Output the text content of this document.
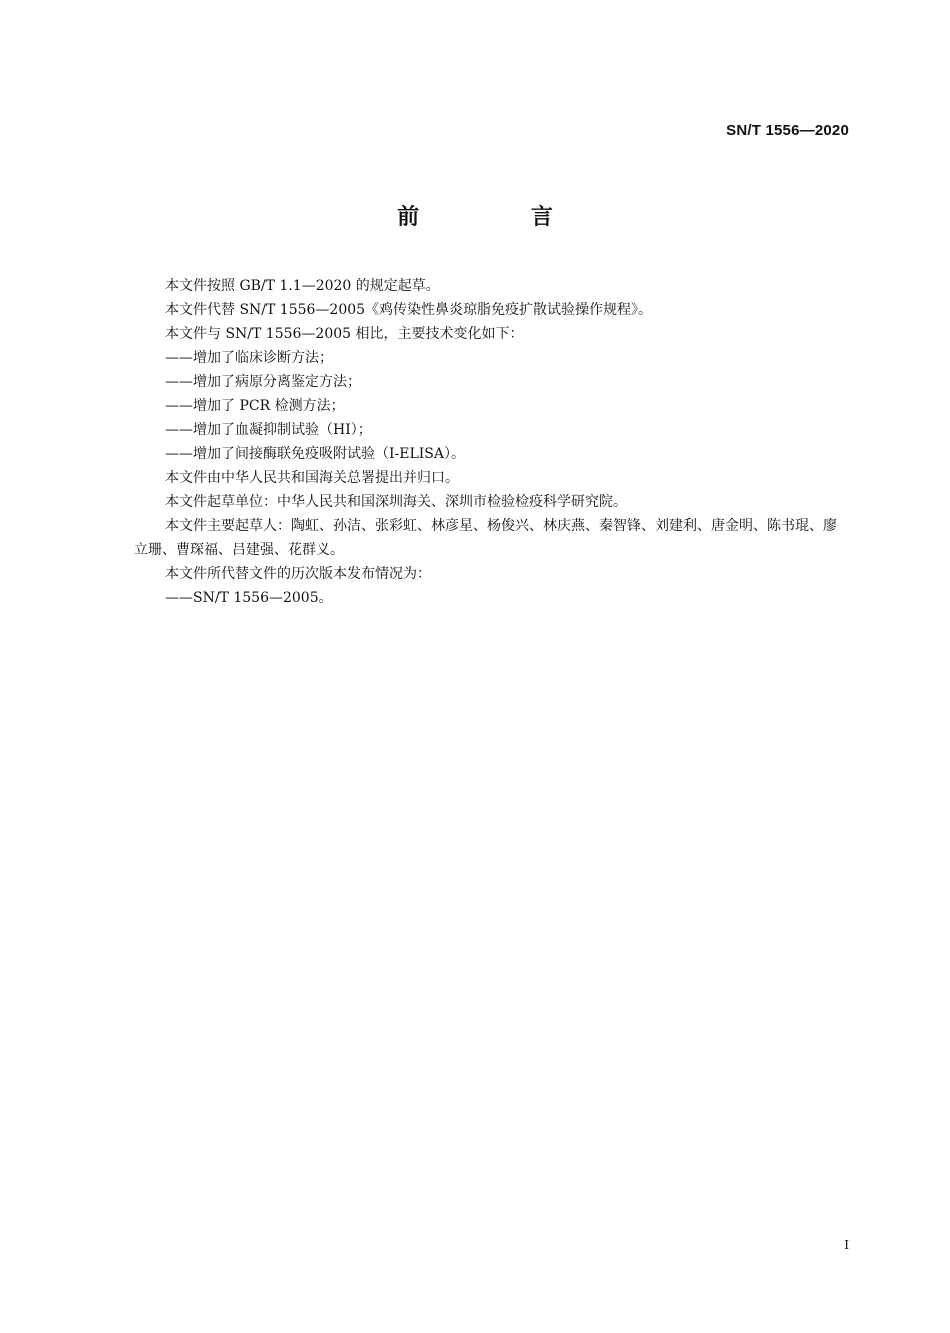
SN/T 1556—2020
前 言

本文件按照 GB/T 1.1—2020 的规定起草。

本文件代替 SN/T 1556—2005《鸡传染性鼻炎琼脂免疫扩散试验操作规程》。

本文件与 SN/T 1556—2005 相比，主要技术变化如下：

——增加了临床诊断方法；

——增加了病原分离鉴定方法；

——增加了 PCR 检测方法；

——增加了血凝抑制试验（HI）；

——增加了间接酶联免疫吸附试验（I-ELISA）。

本文件由中华人民共和国海关总署提出并归口。

本文件起草单位：中华人民共和国深圳海关、深圳市检验检疫科学研究院。

本文件主要起草人：陶虹、孙洁、张彩虹、林彦星、杨俊兴、林庆燕、秦智锋、刘建利、唐金明、陈书琨、廖立珊、曹琛福、吕建强、花群义。

本文件所代替文件的历次版本发布情况为：

——SN/T 1556—2005。

I
